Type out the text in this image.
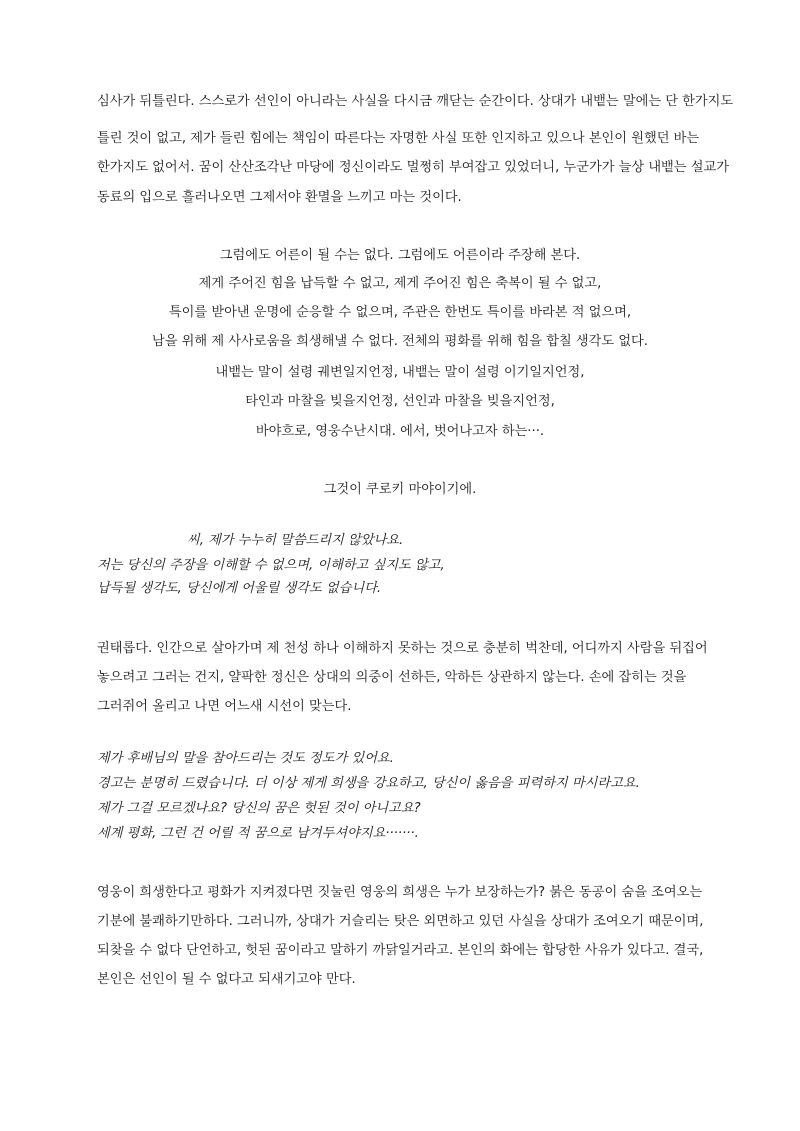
심사가 뒤틀린다. 스스로가 선인이 아니라는 사실을 다시금 깨닫는 순간이다. 상대가 내뱉는 말에는 단 한가지도
틀린 것이 없고, 제가 들린 힘에는 책임이 따른다는 자명한 사실 또한 인지하고 있으나 본인이 원했던 바는
한가지도 없어서. 꿈이 산산조각난 마당에 정신이라도 멀쩡히 부여잡고 있었더니, 누군가가 늘상 내뱉는 설교가
동료의 입으로 흘러나오면 그제서야 환멸을 느끼고 마는 것이다.
그럼에도 어른이 될 수는 없다. 그럼에도 어른이라 주장해 본다.
제게 주어진 힘을 납득할 수 없고, 제게 주어진 힘은 축복이 될 수 없고,
특이를 받아낸 운명에 순응할 수 없으며, 주관은 한번도 특이를 바라본 적 없으며,
남을 위해 제 사사로움을 희생해낼 수 없다. 전체의 평화를 위해 힘을 합칠 생각도 없다.
내뱉는 말이 설령 궤변일지언정, 내뱉는 말이 설령 이기일지언정,
타인과 마찰을 빚을지언정, 선인과 마찰을 빚을지언정,
바야흐로, 영웅수난시대. 에서, 벗어나고자 하는···.
그것이 쿠로키 마야이기에.
씨, 제가 누누히 말씀드리지 않았나요.
저는 당신의 주장을 이해할 수 없으며, 이해하고 싶지도 않고,
납득될 생각도, 당신에게 어울릴 생각도 없습니다.
권태롭다. 인간으로 살아가며 제 천성 하나 이해하지 못하는 것으로 충분히 벅찬데, 어디까지 사람을 뒤집어
놓으려고 그러는 건지, 얄팍한 정신은 상대의 의중이 선하든, 악하든 상관하지 않는다. 손에 잡히는 것을
그러쥐어 올리고 나면 어느새 시선이 맞는다.
제가 후배님의 말을 참아드리는 것도 정도가 있어요.
경고는 분명히 드렸습니다. 더 이상 제게 희생을 강요하고, 당신이 옳음을 피력하지 마시라고요.
제가 그걸 모르겠나요? 당신의 꿈은 헛된 것이 아니고요?
세계 평화, 그런 건 어릴 적 꿈으로 남겨두셔야지요·······.
영웅이 희생한다고 평화가 지켜졌다면 짓눌린 영웅의 희생은 누가 보장하는가? 붉은 동공이 숨을 조여오는
기분에 불쾌하기만하다. 그러니까, 상대가 거슬리는 탓은 외면하고 있던 사실을 상대가 조여오기 때문이며,
되찾을 수 없다 단언하고, 헛된 꿈이라고 말하기 까닭일거라고. 본인의 화에는 합당한 사유가 있다고. 결국,
본인은 선인이 될 수 없다고 되새기고야 만다.
